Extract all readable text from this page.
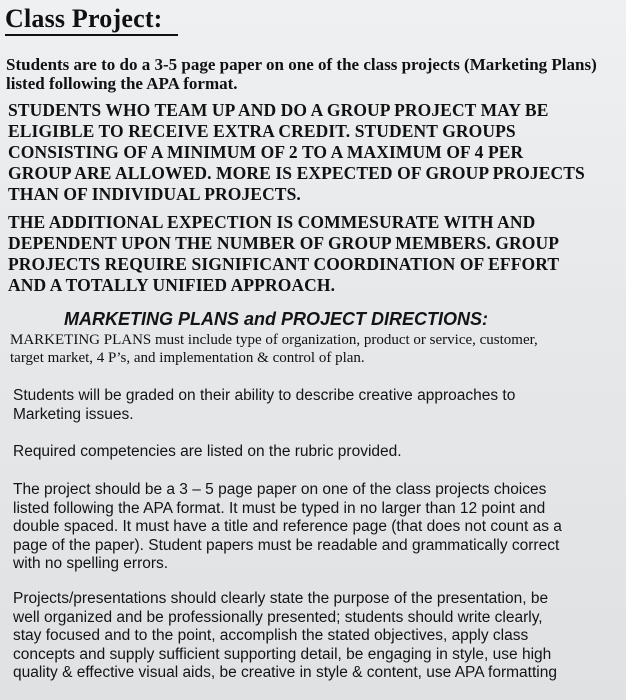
Class Project:
Students are to do a 3-5 page paper on one of the class projects (Marketing Plans)
listed following the APA format.
STUDENTS WHO TEAM UP AND DO A GROUP PROJECT MAY BE
ELIGIBLE TO RECEIVE EXTRA CREDIT. STUDENT GROUPS
CONSISTING OF A MINIMUM OF 2 TO A MAXIMUM OF 4 PER
GROUP ARE ALLOWED. MORE IS EXPECTED OF GROUP PROJECTS
THAN OF INDIVIDUAL PROJECTS.
THE ADDITIONAL EXPECTION IS COMMESURATE WITH AND
DEPENDENT UPON THE NUMBER OF GROUP MEMBERS. GROUP
PROJECTS REQUIRE SIGNIFICANT COORDINATION OF EFFORT
AND A TOTALLY UNIFIED APPROACH.
MARKETING PLANS and PROJECT DIRECTIONS:
MARKETING PLANS must include type of organization, product or service, customer,
target market, 4 P’s, and implementation & control of plan.
Students will be graded on their ability to describe creative approaches to
Marketing issues.
Required competencies are listed on the rubric provided.
The project should be a 3 – 5 page paper on one of the class projects choices
listed following the APA format. It must be typed in no larger than 12 point and
double spaced. It must have a title and reference page (that does not count as a
page of the paper). Student papers must be readable and grammatically correct
with no spelling errors.
Projects/presentations should clearly state the purpose of the presentation, be
well organized and be professionally presented; students should write clearly,
stay focused and to the point, accomplish the stated objectives, apply class
concepts and supply sufficient supporting detail, be engaging in style, use high
quality & effective visual aids, be creative in style & content, use APA formatting
